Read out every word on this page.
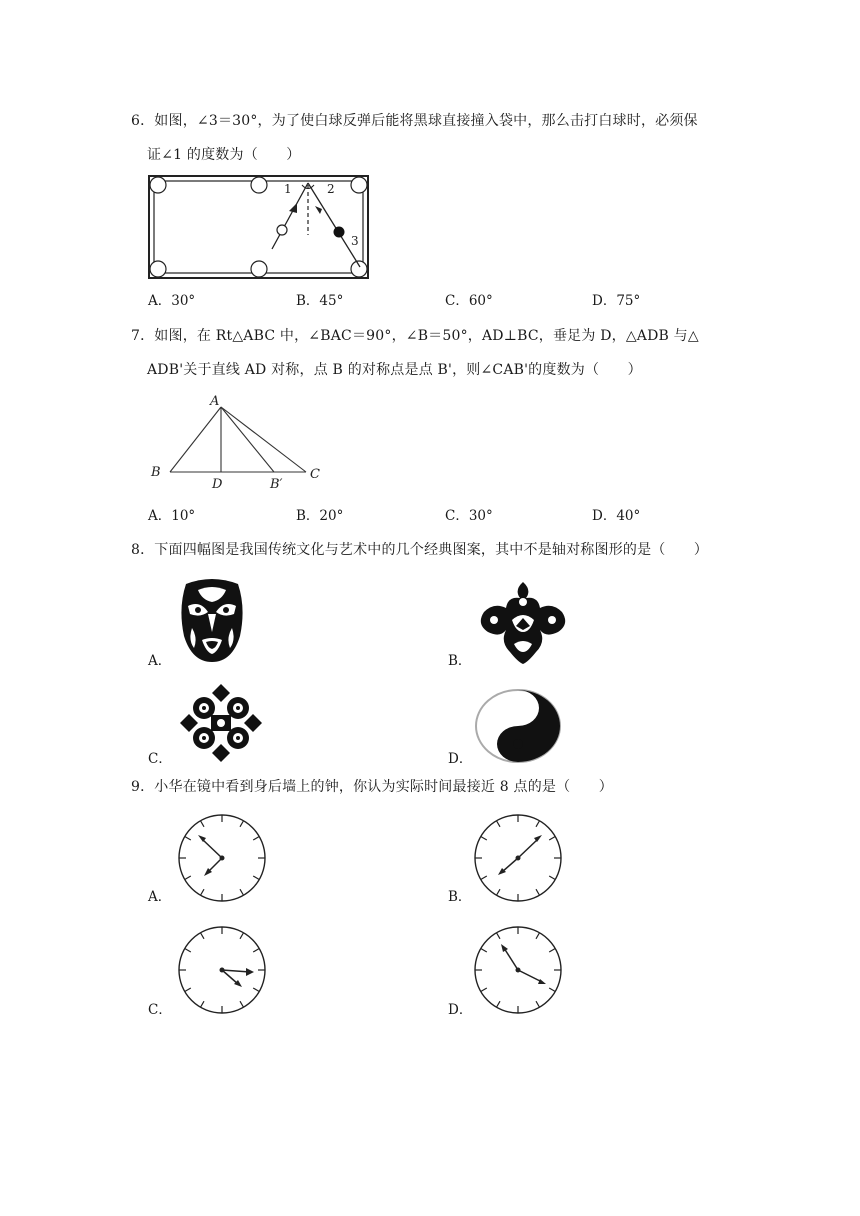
6．如图，∠3＝30°，为了使白球反弹后能将黑球直接撞入袋中，那么击打白球时，必须保
证∠1 的度数为（　　）
1	2
3
A．30°	B．45°	C．60°	D．75°
7．如图，在 Rt△ABC 中，∠BAC＝90°，∠B＝50°，AD⊥BC，垂足为 D，△ADB 与△
ADB'关于直线 AD 对称，点 B 的对称点是点 B'，则∠CAB'的度数为（　　）
A
B	C
D	B′
A．10°	B．20°	C．30°	D．40°
8．下面四幅图是我国传统文化与艺术中的几个经典图案，其中不是轴对称图形的是（　　）
A．	B．
C．	D．
9．小华在镜中看到身后墙上的钟，你认为实际时间最接近 8 点的是（　　）
A．	B．
C．	D．
